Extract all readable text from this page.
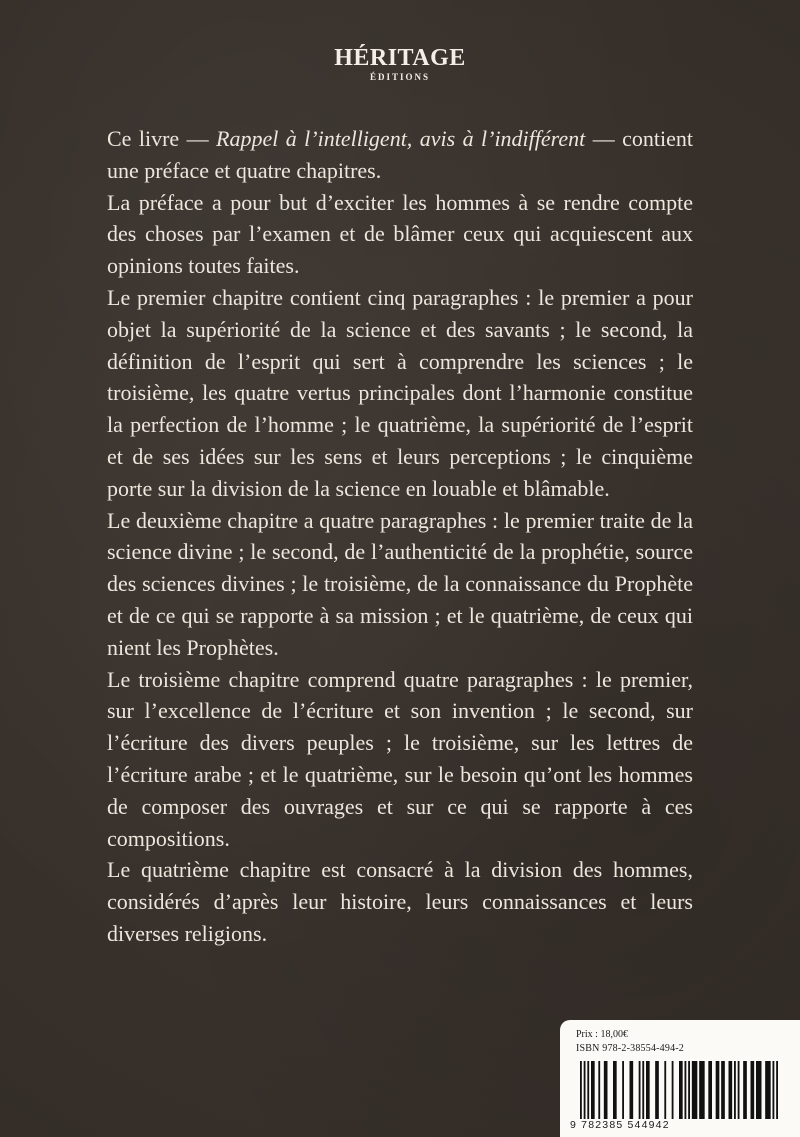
HÉRITAGE
ÉDITIONS

Ce livre — Rappel à l’intelligent, avis à l’indifférent — contient une préface et quatre chapitres.

La préface a pour but d’exciter les hommes à se rendre compte des choses par l’examen et de blâmer ceux qui acquiescent aux opinions toutes faites.

Le premier chapitre contient cinq paragraphes : le premier a pour objet la supériorité de la science et des savants ; le second, la définition de l’esprit qui sert à comprendre les sciences ; le troisième, les quatre vertus principales dont l’harmonie constitue la perfection de l’homme ; le quatrième, la supériorité de l’esprit et de ses idées sur les sens et leurs perceptions ; le cinquième porte sur la division de la science en louable et blâmable.

Le deuxième chapitre a quatre paragraphes : le premier traite de la science divine ; le second, de l’authenticité de la prophétie, source des sciences divines ; le troisième, de la connaissance du Prophète et de ce qui se rapporte à sa mission ; et le quatrième, de ceux qui nient les Prophètes.

Le troisième chapitre comprend quatre paragraphes : le premier, sur l’excellence de l’écriture et son invention ; le second, sur l’écriture des divers peuples ; le troisième, sur les lettres de l’écriture arabe ; et le quatrième, sur le besoin qu’ont les hommes de composer des ouvrages et sur ce qui se rapporte à ces compositions.

Le quatrième chapitre est consacré à la division des hommes, considérés d’après leur histoire, leurs connaissances et leurs diverses religions.

Prix : 18,00€
ISBN 978-2-38554-494-2
9 782385 544942
